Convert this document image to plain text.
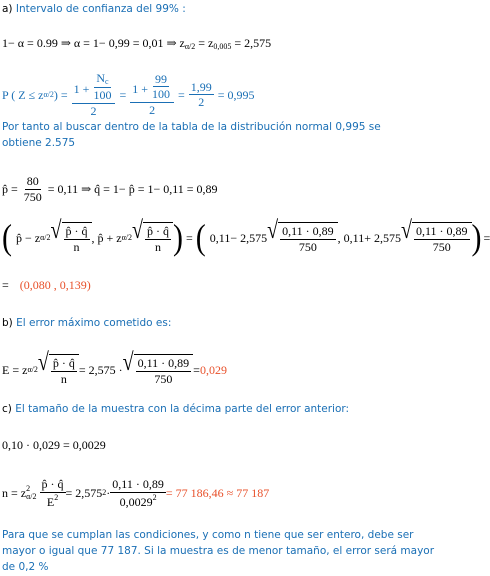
a) Intervalo de confianza del 99% :
1− α = 0.99 ⇒ α = 1− 0,99 = 0,01 ⇒ $z_{\alpha/2} = z_{0,005} = 2,575$
P ( Z ≤ z α/2 ) = $\frac{1 + \frac{N_c}{100}}{2} = \frac{1 + \frac{99}{100}}{2} = \frac{1,99}{2} = 0,995$
Por tanto al buscar dentro de la tabla de la distribución normal 0,995 se
obtiene 2.575
p̂ = $\frac{80}{750} = 0,11$ ⇒ q̂ = 1− p̂ = 1− 0,11 = 0,89
( p̂ − z α/2 √ $\frac{p̂ \cdot q̂}{n}$ , p̂ + z α/2 √ $\frac{p̂ \cdot q̂}{n}$ ) = ( 0,11− 2,575 √ $\frac{0,11 \cdot 0,89}{750}$ , 0,11+ 2,575 √ $\frac{0,11 \cdot 0,89}{750}$ ) =
= (0,080 , 0,139)
b) El error máximo cometido es:
E = z α/2 √ $\frac{p̂ \cdot q̂}{n} = 2,575$ · √ $\frac{0,11 \cdot 0,89}{750} = 0,029$
c) El tamaño de la muestra con la décima parte del error anterior:
0,10 · 0,029 = 0,0029
n = z 2
$\alpha/2 \frac{p̂ \cdot q̂}{E^2} = 2,575$ $2 \cdot \frac{0,11 \cdot 0,89}{0,0029^2} = 77$ 186,46 ≈ 77 187
Para que se cumplan las condiciones, y como n tiene que ser entero, debe ser
mayor o igual que 77 187. Si la muestra es de menor tamaño, el error será mayor
de 0,2 %
